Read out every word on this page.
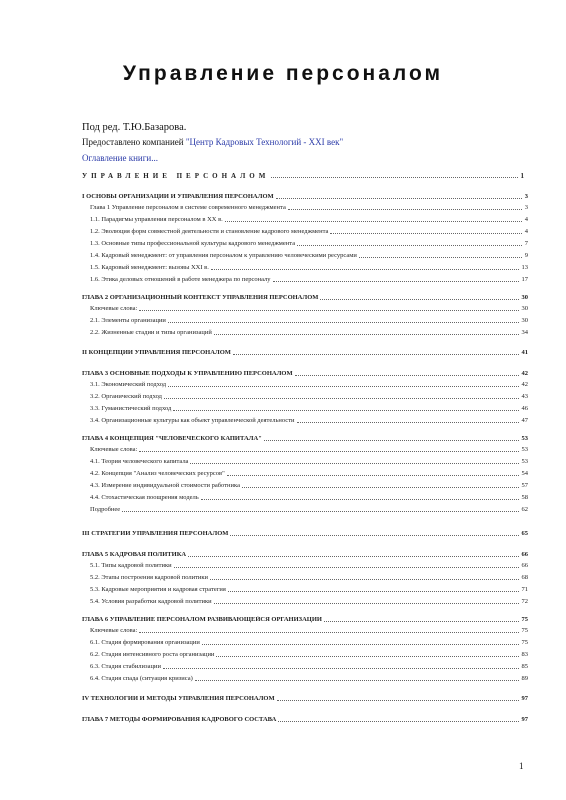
Управление персоналом
Под ред. Т.Ю.Базарова.
Предоставлено компанией "Центр Кадровых Технологий - XXI век"
Оглавление книги...
УПРАВЛЕНИЕ ПЕРСОНАЛОМ	1
I ОСНОВЫ ОРГАНИЗАЦИИ И УПРАВЛЕНИЯ ПЕРСОНАЛОМ	3
Глава 1 Управление персоналом в системе современного менеджмента	3
1.1. Парадигмы управления персоналом в XX в.	4
1.2. Эволюция форм совместной деятельности и становление кадрового менеджмента	4
1.3. Основные типы профессиональной культуры кадрового менеджмента	7
1.4. Кадровый менеджмент: от управления персоналом к управлению человеческими ресурсами	9
1.5. Кадровый менеджмент: вызовы XXI в.	13
1.6. Этика деловых отношений в работе менеджера по персоналу	17
ГЛАВА 2 ОРГАНИЗАЦИОННЫЙ КОНТЕКСТ УПРАВЛЕНИЯ ПЕРСОНАЛОМ	30
Ключевые слова:	30
2.1. Элементы организации	30
2.2. Жизненные стадии и типы организаций	34
II КОНЦЕПЦИИ УПРАВЛЕНИЯ ПЕРСОНАЛОМ	41
ГЛАВА 3 ОСНОВНЫЕ ПОДХОДЫ К УПРАВЛЕНИЮ ПЕРСОНАЛОМ	42
3.1. Экономический подход	42
3.2. Органический подход	43
3.3. Гуманистический подход	46
3.4. Организационные культуры как объект управленческой деятельности	47
ГЛАВА 4 КОНЦЕПЦИЯ "ЧЕЛОВЕЧЕСКОГО КАПИТАЛА"	53
Ключевые слова:	53
4.1. Теория человеческого капитала	53
4.2. Концепция "Анализ человеческих ресурсов"	54
4.3. Измерение индивидуальной стоимости работника	57
4.4. Стохастическая поощрения модель	58
Подробнее	62
III СТРАТЕГИИ УПРАВЛЕНИЯ ПЕРСОНАЛОМ	65
ГЛАВА 5 КАДРОВАЯ ПОЛИТИКА	66
5.1. Типы кадровой политики	66
5.2. Этапы построения кадровой политики	68
5.3. Кадровые мероприятия и кадровая стратегия	71
5.4. Условия разработки кадровой политики	72
ГЛАВА 6 УПРАВЛЕНИЕ ПЕРСОНАЛОМ РАЗВИВАЮЩЕЙСЯ ОРГАНИЗАЦИИ	75
Ключевые слова:	75
6.1. Стадия формирования организации	75
6.2. Стадия интенсивного роста организации	83
6.3. Стадия стабилизации	85
6.4. Стадия спада (ситуация кризиса)	89
IV ТЕХНОЛОГИИ И МЕТОДЫ УПРАВЛЕНИЯ ПЕРСОНАЛОМ	97
ГЛАВА 7 МЕТОДЫ ФОРМИРОВАНИЯ КАДРОВОГО СОСТАВА	97
1
